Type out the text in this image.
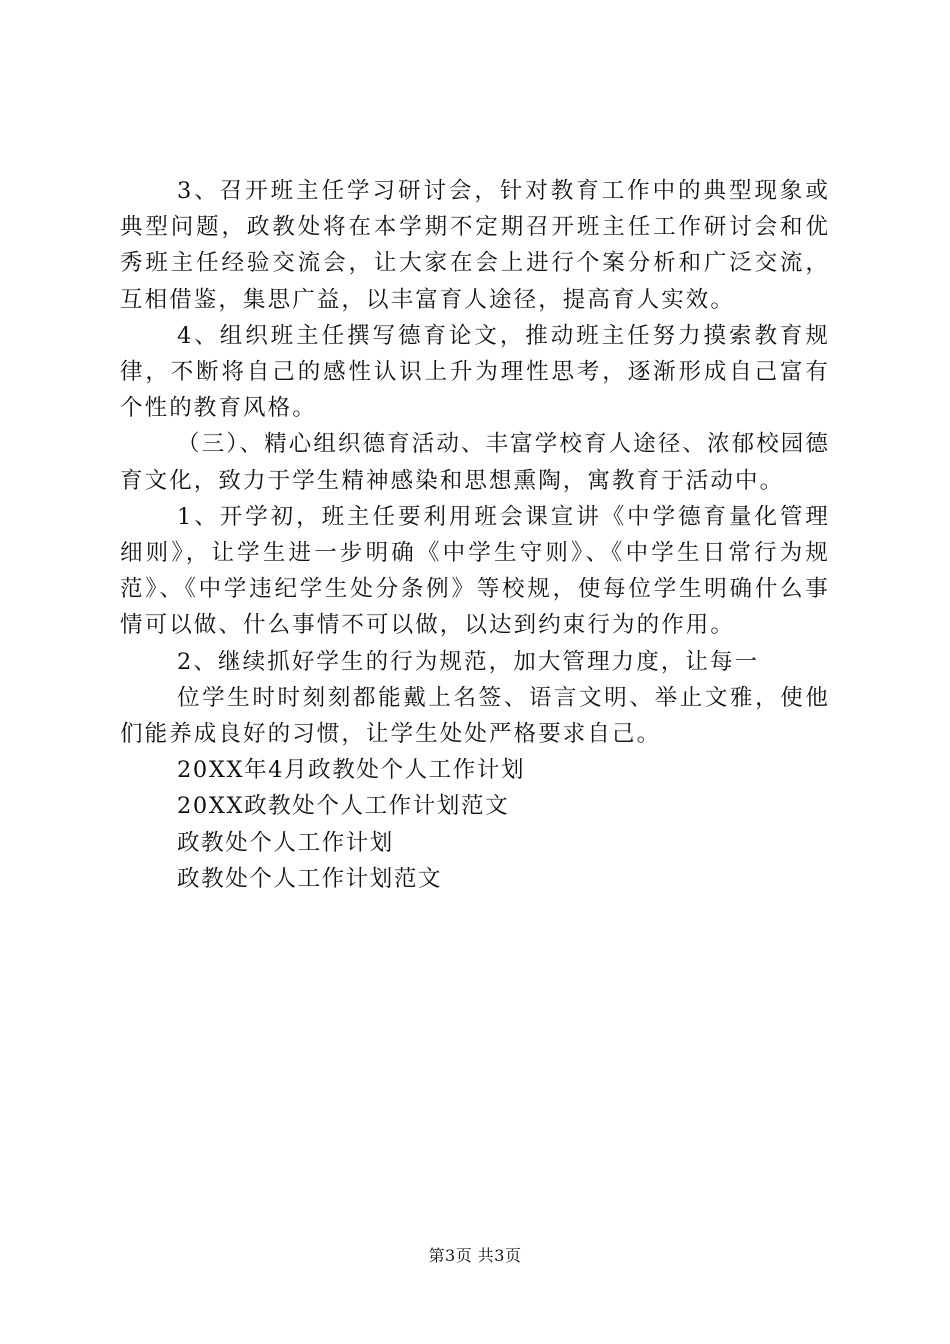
3、召开班主任学习研讨会，针对教育工作中的典型现象或典型问题，政教处将在本学期不定期召开班主任工作研讨会和优秀班主任经验交流会，让大家在会上进行个案分析和广泛交流，互相借鉴，集思广益，以丰富育人途径，提高育人实效。

4、组织班主任撰写德育论文，推动班主任努力摸索教育规律，不断将自己的感性认识上升为理性思考，逐渐形成自己富有个性的教育风格。

（三）、精心组织德育活动、丰富学校育人途径、浓郁校园德育文化，致力于学生精神感染和思想熏陶，寓教育于活动中。

1、开学初，班主任要利用班会课宣讲《中学德育量化管理细则》，让学生进一步明确《中学生守则》、《中学生日常行为规范》、《中学违纪学生处分条例》等校规，使每位学生明确什么事情可以做、什么事情不可以做，以达到约束行为的作用。

2、继续抓好学生的行为规范，加大管理力度，让每一

位学生时时刻刻都能戴上名签、语言文明、举止文雅，使他们能养成良好的习惯，让学生处处严格要求自己。

20XX年4月政教处个人工作计划

20XX政教处个人工作计划范文

政教处个人工作计划

政教处个人工作计划范文

第3页 共3页
